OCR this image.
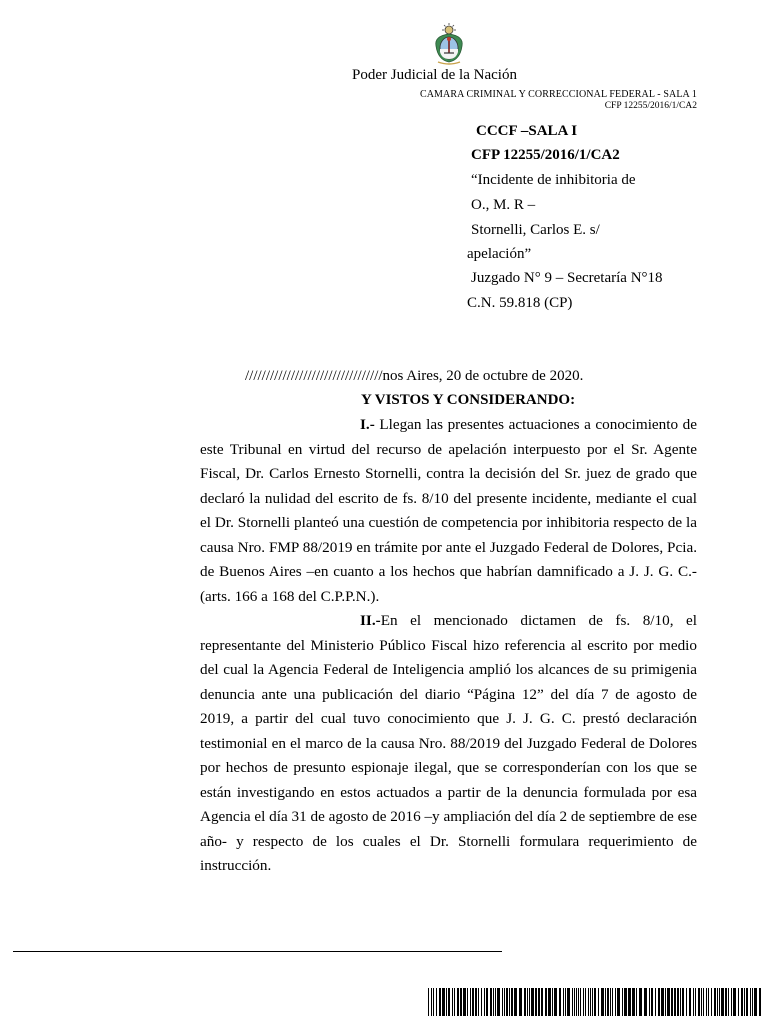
Poder Judicial de la Nación
CAMARA CRIMINAL Y CORRECCIONAL FEDERAL - SALA 1
CFP 12255/2016/1/CA2
CCCF –SALA I
CFP 12255/2016/1/CA2
“Incidente de inhibitoria de
O., M. R –
Stornelli, Carlos E. s/
apelación”
Juzgado N° 9 – Secretaría N°18
C.N. 59.818 (CP)
/////////////////////////////////nos Aires, 20 de octubre de 2020.
Y VISTOS Y CONSIDERANDO:

I.- Llegan las presentes actuaciones a conocimiento de este Tribunal en virtud del recurso de apelación interpuesto por el Sr. Agente Fiscal, Dr. Carlos Ernesto Stornelli, contra la decisión del Sr. juez de grado que declaró la nulidad del escrito de fs. 8/10 del presente incidente, mediante el cual el Dr. Stornelli planteó una cuestión de competencia por inhibitoria respecto de la causa Nro. FMP 88/2019 en trámite por ante el Juzgado Federal de Dolores, Pcia. de Buenos Aires –en cuanto a los hechos que habrían damnificado a J. J. G. C.- (arts. 166 a 168 del C.P.P.N.).

II.-En el mencionado dictamen de fs. 8/10, el representante del Ministerio Público Fiscal hizo referencia al escrito por medio del cual la Agencia Federal de Inteligencia amplió los alcances de su primigenia denuncia ante una publicación del diario “Página 12” del día 7 de agosto de 2019, a partir del cual tuvo conocimiento que J. J. G. C. prestó declaración testimonial en el marco de la causa Nro. 88/2019 del Juzgado Federal de Dolores por hechos de presunto espionaje ilegal, que se corresponderían con los que se están investigando en estos actuados a partir de la denuncia formulada por esa Agencia el día 31 de agosto de 2016 –y ampliación del día 2 de septiembre de ese año- y respecto de los cuales el Dr. Stornelli formulara requerimiento de instrucción.
